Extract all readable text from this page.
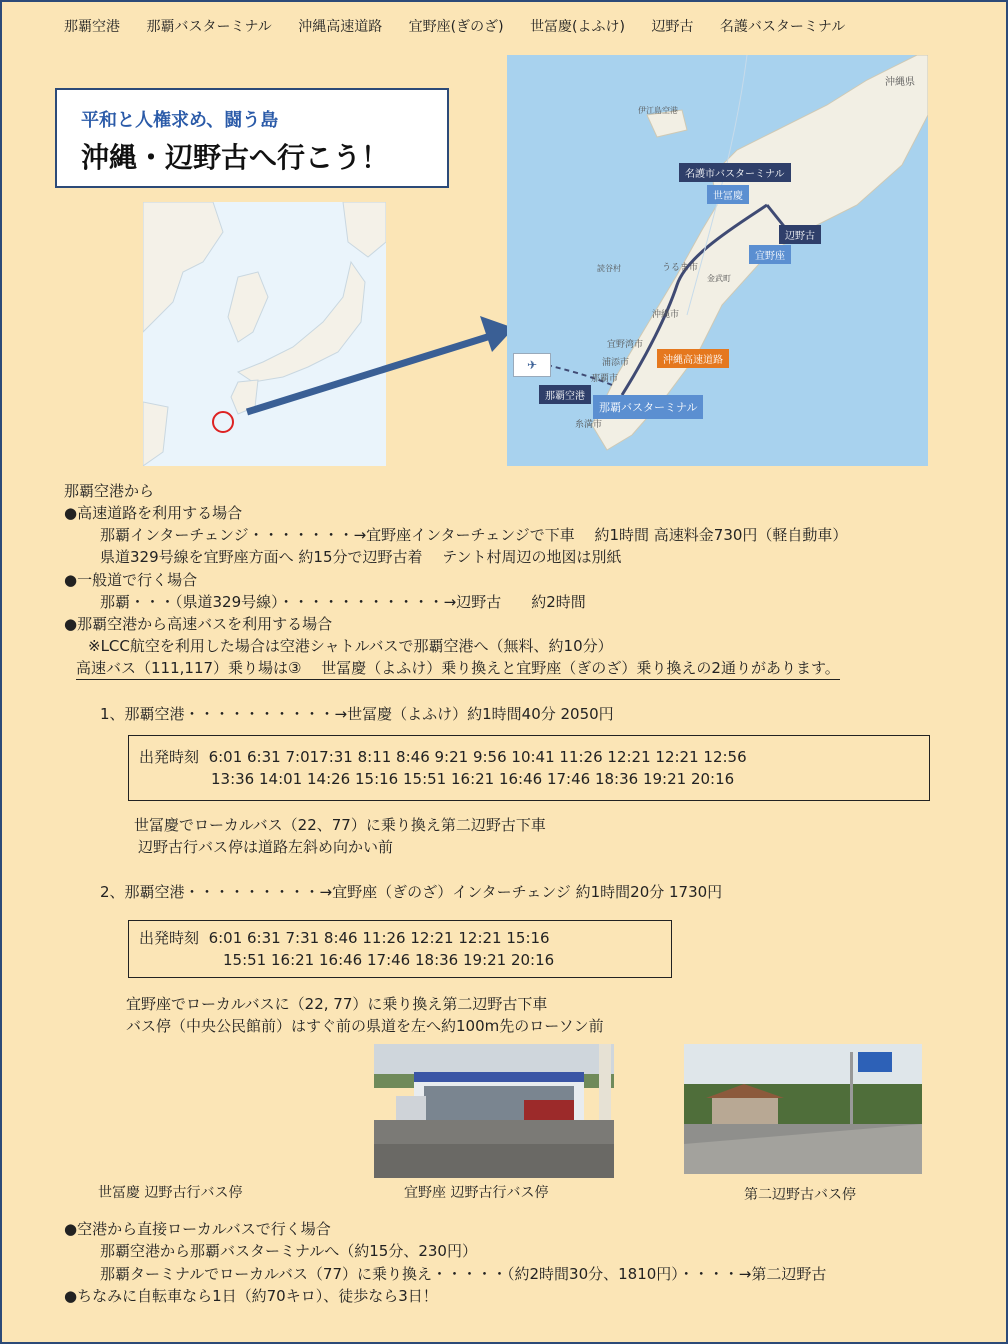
那覇空港 那覇バスターミナル 沖縄高速道路 宜野座(ぎのざ) 世冨慶(よふけ) 辺野古 名護バスターミナル
平和と人権求め、闘う島
沖縄・辺野古へ行こう！
沖縄県
伊江島空港
読谷村	うるま市
金武町
沖縄市
宜野湾市
浦添市
那覇市
糸満市
名護市バスターミナル
世冨慶
辺野古
宜野座
沖縄高速道路
✈
那覇空港
那覇バスターミナル
那覇空港から
●高速道路を利用する場合
那覇インターチェンジ・・・・・・・→宜野座インターチェンジで下車　 約1時間 高速料金730円（軽自動車）
県道329号線を宜野座方面へ 約15分で辺野古着　 テント村周辺の地図は別紙
●一般道で行く場合
那覇・・・（県道329号線）・・・・・・・・・・・→辺野古　　約2時間
●那覇空港から高速バスを利用する場合
※LCC航空を利用した場合は空港シャトルバスで那覇空港へ（無料、約10分）
高速バス（111,117）乗り場は③　 世冨慶（よふけ）乗り換えと宜野座（ぎのざ）乗り換えの2通りがあります。
1、那覇空港・・・・・・・・・・→世冨慶（よふけ）約1時間40分 2050円
出発時刻 6:01 6:31 7:017:31 8:11 8:46 9:21 9:56 10:41 11:26 12:21 12:21 12:56
13:36 14:01 14:26 15:16 15:51 16:21 16:46 17:46 18:36 19:21 20:16
世冨慶でローカルバス（22、77）に乗り換え第二辺野古下車
辺野古行バス停は道路左斜め向かい前
2、那覇空港・・・・・・・・・→宜野座（ぎのざ）インターチェンジ 約1時間20分 1730円
出発時刻 6:01 6:31 7:31 8:46 11:26 12:21 12:21 15:16
15:51 16:21 16:46 17:46 18:36 19:21 20:16
宜野座でローカルバスに（22, 77）に乗り換え第二辺野古下車
バス停（中央公民館前）はすぐ前の県道を左へ約100m先のローソン前
世冨慶 辺野古行バス停	宜野座 辺野古行バス停	第二辺野古バス停
●空港から直接ローカルバスで行く場合
那覇空港から那覇バスターミナルへ（約15分、230円）
那覇ターミナルでローカルバス（77）に乗り換え・・・・・（約2時間30分、1810円）・・・・→第二辺野古
●ちなみに自転車なら1日（約70キロ）、徒歩なら3日！
